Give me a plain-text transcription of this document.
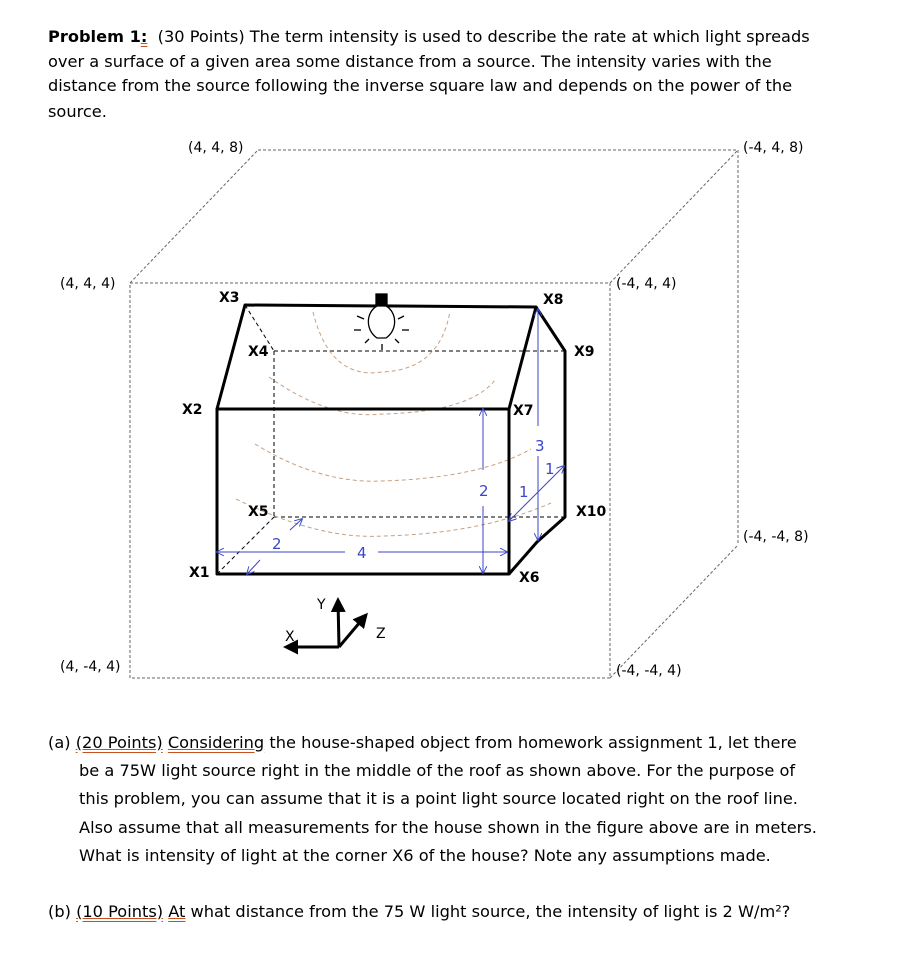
Problem 1: (30 Points) The term intensity is used to describe the rate at which light spreads
over a surface of a given area some distance from a source. The intensity varies with the
distance from the source following the inverse square law and depends on the power of the
source.
4
2
2
3
1
1
X1
X2
X3
X4
X5
X6
X7
X8
X9
X10
(4, 4, 8)	(-4, 4, 8)
(4, 4, 4)	(-4, 4, 4)
(-4, -4, 8)
(4, -4, 4)	(-4, -4, 4)
X
Y
Z
(a) (20 Points) Considering the house-shaped object from homework assignment 1, let there
be a 75W light source right in the middle of the roof as shown above. For the purpose of
this problem, you can assume that it is a point light source located right on the roof line.
Also assume that all measurements for the house shown in the figure above are in meters.
What is intensity of light at the corner X6 of the house? Note any assumptions made.
(b) (10 Points) At what distance from the 75 W light source, the intensity of light is 2 W/m²?
